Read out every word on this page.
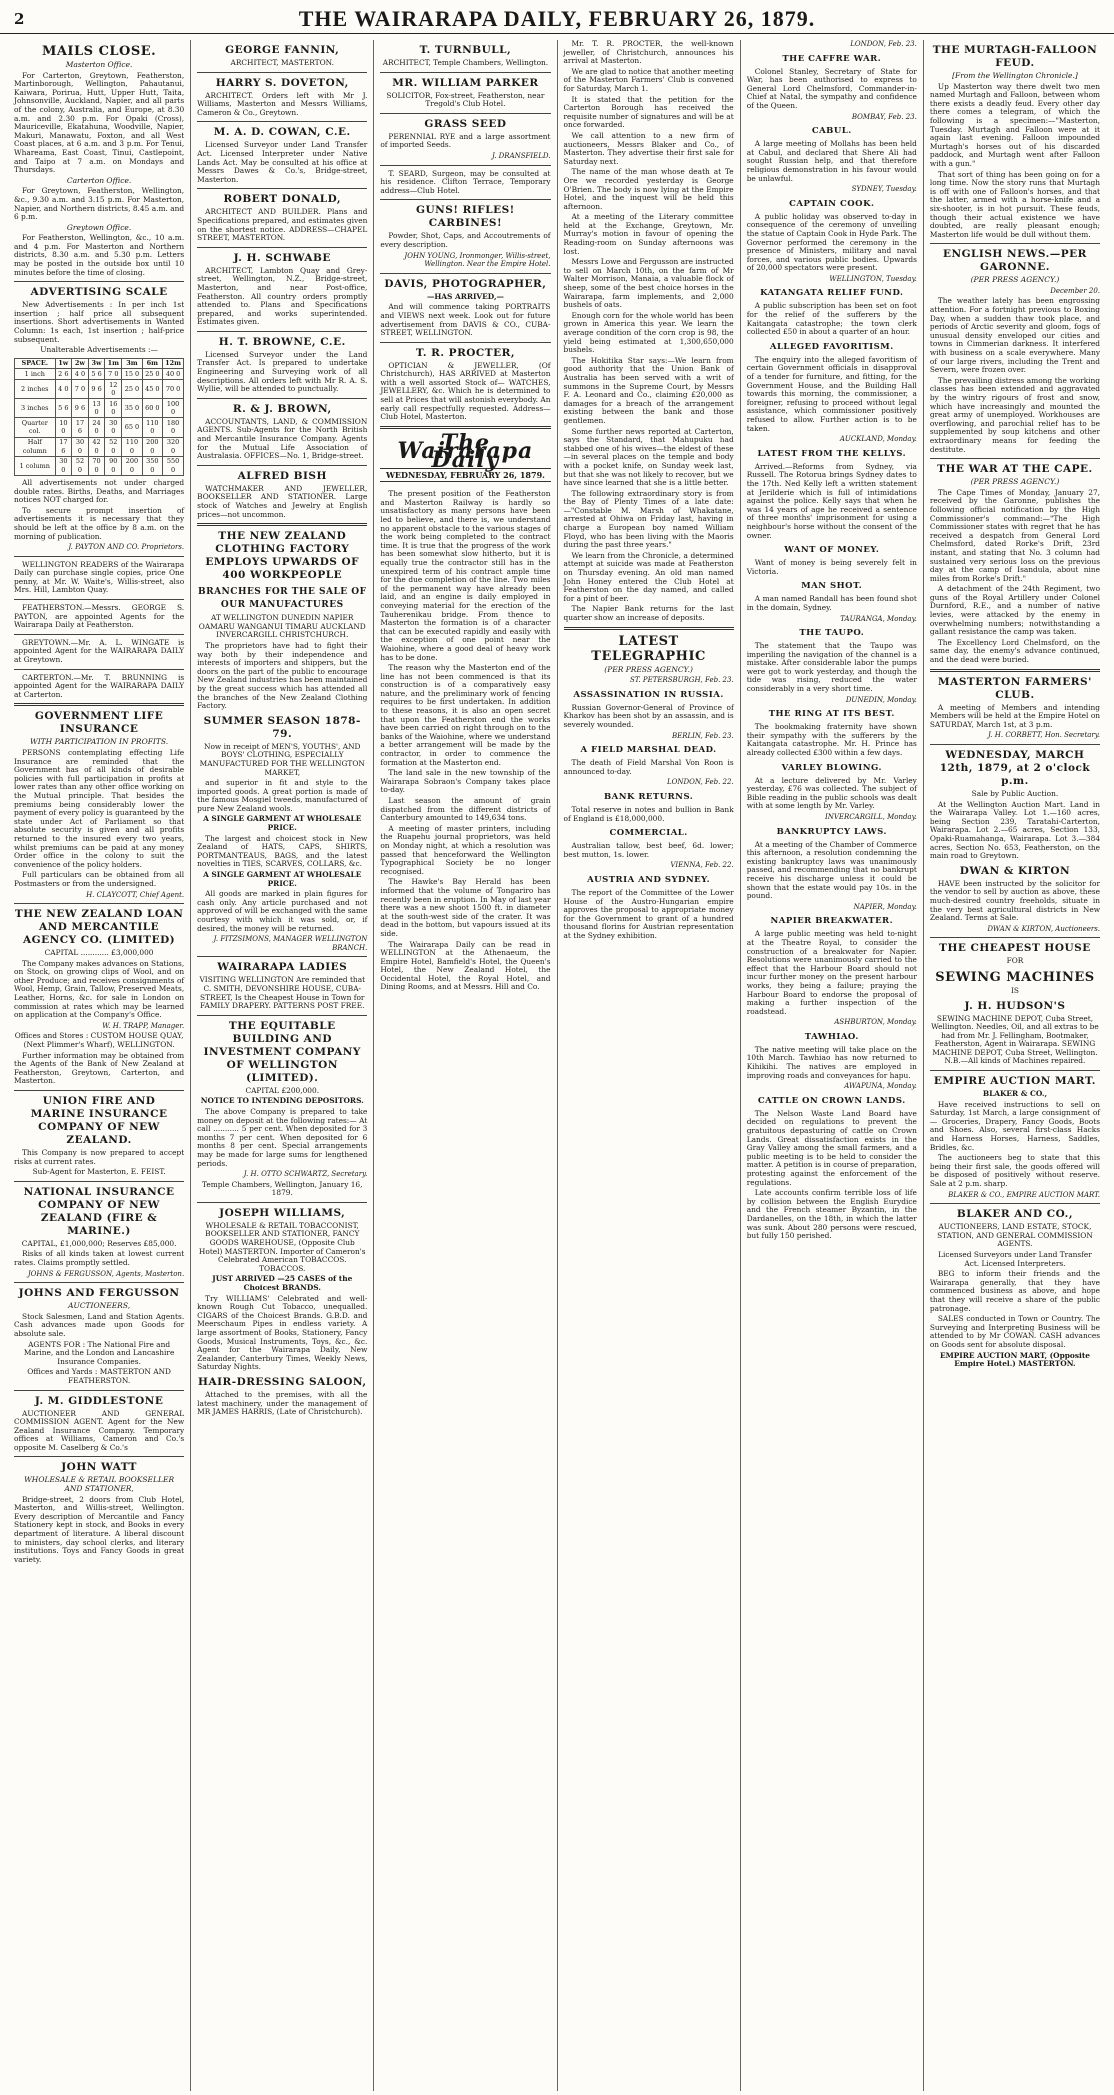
2	THE WAIRARAPA DAILY, FEBRUARY 26, 1879.
MAILS CLOSE.
Masterton Office.

For Carterton, Greytown, Featherston, Martinborough, Wellington, Pahautanui, Kaiwara, Porirua, Hutt, Upper Hutt, Taita, Johnsonville, Auckland, Napier, and all parts of the colony, Australia, and Europe, at 8.30 a.m. and 2.30 p.m. For Opaki (Cross), Mauriceville, Ekatahuna, Woodville, Napier, Makuri, Manawatu, Foxton, and all West Coast places, at 6 a.m. and 3 p.m. For Tenui, Whareama, East Coast, Tinui, Castlepoint, and Taipo at 7 a.m. on Mondays and Thursdays.

Carterton Office.

For Greytown, Featherston, Wellington, &c., 9.30 a.m. and 3.15 p.m. For Masterton, Napier, and Northern districts, 8.45 a.m. and 6 p.m.

Greytown Office.

For Featherston, Wellington, &c., 10 a.m. and 4 p.m. For Masterton and Northern districts, 8.30 a.m. and 5.30 p.m. Letters may be posted in the outside box until 10 minutes before the time of closing.

ADVERTISING SCALE

New Advertisements : In per inch 1st insertion ; half price all subsequent insertions. Short advertisements in Wanted Column: 1s each, 1st insertion ; half-price subsequent.

Unalterable Advertisements :—

SPACE.	1w	2w	3w	1m	3m	6m	12m
1 inch	2 6	4 0	5 6	7 0	15 0	25 0	40 0
2 inches	4 0	7 0	9 6	12 0	25 0	45 0	70 0
3 inches	5 6	9 6	13 0	16 0	35 0	60 0	100 0
Quarter col.	10 0	17 6	24 0	30 0	65 0	110 0	180 0
Half column	17 6	30 0	42 0	52 0	110 0	200 0	320 0
1 column	30 0	52 0	70 0	90 0	200 0	350 0	550 0

All advertisements not under charged double rates. Births, Deaths, and Marriages notices NOT charged for.

To secure prompt insertion of advertisements it is necessary that they should be left at the office by 8 a.m. on the morning of publication.

J. PAYTON AND CO. Proprietors.

WELLINGTON READERS of the Wairarapa Daily can purchase single copies, price One penny, at Mr. W. Waite's, Willis-street, also Mrs. Hill, Lambton Quay.

FEATHERSTON.—Messrs. GEORGE S. PAYTON, are appointed Agents for the Wairarapa Daily at Featherston.

GREYTOWN.—Mr. A. L. WINGATE is appointed Agent for the WAIRARAPA DAILY at Greytown.

CARTERTON.—Mr. T. BRUNNING is appointed Agent for the WAIRARAPA DAILY at Carterton.

GOVERNMENT LIFE INSURANCE
WITH PARTICIPATION IN PROFITS.

PERSONS contemplating effecting Life Insurance are reminded that the Government has of all kinds of desirable policies with full participation in profits at lower rates than any other office working on the Mutual principle. That besides the premiums being considerably lower the payment of every policy is guaranteed by the state under Act of Parliament so that absolute security is given and all profits returned to the insured every two years, whilst premiums can be paid at any money Order office in the colony to suit the convenience of the policy holders.

Full particulars can be obtained from all Postmasters or from the undersigned.

H. CLAYCOTT, Chief Agent.
THE NEW ZEALAND LOAN AND MERCANTILE AGENCY CO. (LIMITED)

CAPITAL ............ £3,000,000

The Company makes advances on Stations, on Stock, on growing clips of Wool, and on other Produce; and receives consignments of Wool, Hemp, Grain, Tallow, Preserved Meats, Leather, Horns, &c. for sale in London on commission at rates which may be learned on application at the Company's Office.

W. H. TRAPP, Manager.

Offices and Stores : CUSTOM HOUSE QUAY, (Next Plimmer's Wharf), WELLINGTON.

Further information may be obtained from the Agents of the Bank of New Zealand at Featherston, Greytown, Carterton, and Masterton.

UNION FIRE AND MARINE INSURANCE COMPANY OF NEW ZEALAND.

This Company is now prepared to accept risks at current rates.

Sub-Agent for Masterton, E. FEIST.

NATIONAL INSURANCE COMPANY OF NEW ZEALAND (FIRE & MARINE.)

CAPITAL, £1,000,000; Reserves £85,000.

Risks of all kinds taken at lowest current rates. Claims promptly settled.

JOHNS & FERGUSSON, Agents, Masterton.
JOHNS AND FERGUSSON
AUCTIONEERS,

Stock Salesmen, Land and Station Agents. Cash advances made upon Goods for absolute sale.

AGENTS FOR : The National Fire and Marine, and the London and Lancashire Insurance Companies.

Offices and Yards : MASTERTON AND FEATHERSTON.

J. M. GIDDLESTONE

AUCTIONEER AND GENERAL COMMISSION AGENT. Agent for the New Zealand Insurance Company. Temporary offices at Williams, Cameron and Co.'s opposite M. Caselberg & Co.'s

JOHN WATT
WHOLESALE & RETAIL BOOKSELLER AND STATIONER,

Bridge-street, 2 doors from Club Hotel, Masterton, and Willis-street, Wellington. Every description of Mercantile and Fancy Stationery kept in stock, and Books in every department of literature. A liberal discount to ministers, day school clerks, and literary institutions. Toys and Fancy Goods in great variety.

GEORGE FANNIN,

ARCHITECT, MASTERTON.

HARRY S. DOVETON,

ARCHITECT. Orders left with Mr J. Williams, Masterton and Messrs Williams, Cameron & Co., Greytown.

M. A. D. COWAN, C.E.

Licensed Surveyor under Land Transfer Act. Licensed Interpreter under Native Lands Act. May be consulted at his office at Messrs Dawes & Co.'s, Bridge-street, Masterton.

ROBERT DONALD,

ARCHITECT AND BUILDER. Plans and Specifications prepared, and estimates given on the shortest notice. ADDRESS—CHAPEL STREET, MASTERTON.

J. H. SCHWABE

ARCHITECT, Lambton Quay and Grey-street, Wellington, N.Z., Bridge-street, Masterton, and near Post-office, Featherston. All country orders promptly attended to. Plans and Specifications prepared, and works superintended. Estimates given.

H. T. BROWNE, C.E.

Licensed Surveyor under the Land Transfer Act. Is prepared to undertake Engineering and Surveying work of all descriptions. All orders left with Mr R. A. S. Wyllie, will be attended to punctually.

R. & J. BROWN,

ACCOUNTANTS, LAND, & COMMISSION AGENTS. Sub-Agents for the North British and Mercantile Insurance Company. Agents for the Mutual Life Association of Australasia. OFFICES—No. 1, Bridge-street.

ALFRED BISH

WATCHMAKER AND JEWELLER, BOOKSELLER AND STATIONER. Large stock of Watches and Jewelry at English prices—not uncommon.

THE NEW ZEALAND CLOTHING FACTORY EMPLOYS UPWARDS OF 400 WORKPEOPLE
BRANCHES FOR THE SALE OF OUR MANUFACTURES

AT WELLINGTON DUNEDIN NAPIER OAMARU WANGANUI TIMARU AUCKLAND INVERCARGILL CHRISTCHURCH.

The proprietors have had to fight their way both by their independence and interests of importers and shippers, but the doors on the part of the public to encourage New Zealand industries has been maintained by the great success which has attended all the branches of the New Zealand Clothing Factory.

SUMMER SEASON 1878-79.

Now in receipt of MEN'S, YOUTHS', AND BOYS' CLOTHING, ESPECIALLY MANUFACTURED FOR THE WELLINGTON MARKET,

and superior in fit and style to the imported goods. A great portion is made of the famous Mosgiel tweeds, manufactured of pure New Zealand wools.

A SINGLE GARMENT AT WHOLESALE PRICE.

The largest and choicest stock in New Zealand of HATS, CAPS, SHIRTS, PORTMANTEAUS, BAGS, and the latest novelties in TIES, SCARVES, COLLARS, &c.

A SINGLE GARMENT AT WHOLESALE PRICE.

All goods are marked in plain figures for cash only. Any article purchased and not approved of will be exchanged with the same courtesy with which it was sold, or, if desired, the money will be returned.

J. FITZSIMONS, MANAGER WELLINGTON BRANCH.
WAIRARAPA LADIES

VISITING WELLINGTON Are reminded that C. SMITH, DEVONSHIRE HOUSE, CUBA-STREET, Is the Cheapest House in Town for FAMILY DRAPERY. PATTERNS POST FREE.

THE EQUITABLE BUILDING AND INVESTMENT COMPANY OF WELLINGTON (LIMITED).

CAPITAL £200,000.

NOTICE TO INTENDING DEPOSITORS.

The above Company is prepared to take money on deposit at the following rates:— At call ........... 5 per cent. When deposited for 3 months 7 per cent. When deposited for 6 months 8 per cent. Special arrangements may be made for large sums for lengthened periods.

J. H. OTTO SCHWARTZ, Secretary.

Temple Chambers, Wellington, January 16, 1879.

JOSEPH WILLIAMS,

WHOLESALE & RETAIL TOBACCONIST, BOOKSELLER AND STATIONER, FANCY GOODS WAREHOUSE, (Opposite Club Hotel) MASTERTON. Importer of Cameron's Celebrated American TOBACCOS. TOBACCOS.

JUST ARRIVED —25 CASES of the Choicest BRANDS.

Try WILLIAMS' Celebrated and well-known Rough Cut Tobacco, unequalled. CIGARS of the Choicest Brands. G.B.D. and Meerschaum Pipes in endless variety. A large assortment of Books, Stationery, Fancy Goods, Musical Instruments, Toys, &c., &c. Agent for the Wairarapa Daily, New Zealander, Canterbury Times, Weekly News, Saturday Nights.

HAIR-DRESSING SALOON,

Attached to the premises, with all the latest machinery, under the management of MR JAMES HARRIS, (Late of Christchurch).

T. TURNBULL,

ARCHITECT, Temple Chambers, Wellington.

MR. WILLIAM PARKER

SOLICITOR, Fox-street, Featherston, near Tregold's Club Hotel.

GRASS SEED

PERENNIAL RYE and a large assortment of imported Seeds.

J. DRANSFIELD.

T. SEARD, Surgeon, may be consulted at his residence. Clifton Terrace, Temporary address—Club Hotel.

GUNS! RIFLES! CARBINES!

Powder, Shot, Caps, and Accoutrements of every description.

JOHN YOUNG, Ironmonger, Willis-street, Wellington. Near the Empire Hotel.
DAVIS, PHOTOGRAPHER,

—HAS ARRIVED,—

And will commence taking PORTRAITS and VIEWS next week. Look out for future advertisement from DAVIS & CO., CUBA-STREET, WELLINGTON.

T. R. PROCTER,

OPTICIAN & JEWELLER, (Of Christchurch), HAS ARRIVED at Masterton with a well assorted Stock of— WATCHES, JEWELLERY, &c. Which he is determined to sell at Prices that will astonish everybody. An early call respectfully requested. Address—Club Hotel, Masterton.

The Wairarapa Daily
WEDNESDAY, FEBRUARY 26, 1879.

The present position of the Featherston and Masterton Railway is hardly so unsatisfactory as many persons have been led to believe, and there is, we understand no apparent obstacle to the various stages of the work being completed to the contract time. It is true that the progress of the work has been somewhat slow hitherto, but it is equally true the contractor still has in the unexpired term of his contract ample time for the due completion of the line. Two miles of the permanent way have already been laid, and an engine is daily employed in conveying material for the erection of the Tauherenikau bridge. From thence to Masterton the formation is of a character that can be executed rapidly and easily with the exception of one point near the Waiohine, where a good deal of heavy work has to be done.

The reason why the Masterton end of the line has not been commenced is that its construction is of a comparatively easy nature, and the preliminary work of fencing requires to be first undertaken. In addition to these reasons, it is also an open secret that upon the Featherston end the works have been carried on right through on to the banks of the Waiohine, where we understand a better arrangement will be made by the contractor, in order to commence the formation at the Masterton end.

The land sale in the new township of the Wairarapa Sobraon's Company takes place to-day.

Last season the amount of grain dispatched from the different districts of Canterbury amounted to 149,634 tons.

A meeting of master printers, including the Ruapehu journal proprietors, was held on Monday night, at which a resolution was passed that henceforward the Wellington Typographical Society be no longer recognised.

The Hawke's Bay Herald has been informed that the volume of Tongariro has recently been in eruption. In May of last year there was a new shoot 1500 ft. in diameter at the south-west side of the crater. It was dead in the bottom, but vapours issued at its side.

The Wairarapa Daily can be read in WELLINGTON at the Athenaeum, the Empire Hotel, Bamfield's Hotel, the Queen's Hotel, the New Zealand Hotel, the Occidental Hotel, the Royal Hotel, and Dining Rooms, and at Messrs. Hill and Co.

Mr. T. R. PROCTER, the well-known jeweller, of Christchurch, announces his arrival at Masterton.

We are glad to notice that another meeting of the Masterton Farmers' Club is convened for Saturday, March 1.

It is stated that the petition for the Carterton Borough has received the requisite number of signatures and will be at once forwarded.

We call attention to a new firm of auctioneers, Messrs Blaker and Co., of Masterton. They advertise their first sale for Saturday next.

The name of the man whose death at Te Ore we recorded yesterday is George O'Brien. The body is now lying at the Empire Hotel, and the inquest will be held this afternoon.

At a meeting of the Literary committee held at the Exchange, Greytown, Mr. Murray's motion in favour of opening the Reading-room on Sunday afternoons was lost.

Messrs Lowe and Fergusson are instructed to sell on March 10th, on the farm of Mr Walter Morrison, Manaia, a valuable flock of sheep, some of the best choice horses in the Wairarapa, farm implements, and 2,000 bushels of oats.

Enough corn for the whole world has been grown in America this year. We learn the average condition of the corn crop is 98, the yield being estimated at 1,300,650,000 bushels.

The Hokitika Star says:—We learn from good authority that the Union Bank of Australia has been served with a writ of summons in the Supreme Court, by Messrs F. A. Leonard and Co., claiming £20,000 as damages for a breach of the arrangement existing between the bank and those gentlemen.

Some further news reported at Carterton, says the Standard, that Mahupuku had stabbed one of his wives—the eldest of these—in several places on the temple and body with a pocket knife, on Sunday week last, but that she was not likely to recover, but we have since learned that she is a little better.

The following extraordinary story is from the Bay of Plenty Times of a late date:—"Constable M. Marsh of Whakatane, arrested at Ohiwa on Friday last, having in charge a European boy named William Floyd, who has been living with the Maoris during the past three years."

We learn from the Chronicle, a determined attempt at suicide was made at Featherston on Thursday evening. An old man named John Honey entered the Club Hotel at Featherston on the day named, and called for a pint of beer.

The Napier Bank returns for the last quarter show an increase of deposits.

LATEST TELEGRAPHIC
(PER PRESS AGENCY.)
ST. PETERSBURGH, Feb. 23.
ASSASSINATION IN RUSSIA.

Russian Governor-General of Province of Kharkov has been shot by an assassin, and is severely wounded.

BERLIN, Feb. 23.
A FIELD MARSHAL DEAD.

The death of Field Marshal Von Roon is announced to-day.

LONDON, Feb. 22.
BANK RETURNS.

Total reserve in notes and bullion in Bank of England is £18,000,000.

COMMERCIAL.

Australian tallow, best beef, 6d. lower; best mutton, 1s. lower.

VIENNA, Feb. 22.
AUSTRIA AND SYDNEY.

The report of the Committee of the Lower House of the Austro-Hungarian empire approves the proposal to appropriate money for the Government to grant of a hundred thousand florins for Austrian representation at the Sydney exhibition.

LONDON, Feb. 23.
THE CAFFRE WAR.

Colonel Stanley, Secretary of State for War, has been authorised to express to General Lord Chelmsford, Commander-in-Chief at Natal, the sympathy and confidence of the Queen.

BOMBAY, Feb. 23.
CABUL.

A large meeting of Mollahs has been held at Cabul, and declared that Shere Ali had sought Russian help, and that therefore religious demonstration in his favour would be unlawful.

SYDNEY, Tuesday.
CAPTAIN COOK.

A public holiday was observed to-day in consequence of the ceremony of unveiling the statue of Captain Cook in Hyde Park. The Governor performed the ceremony in the presence of Ministers, military and naval forces, and various public bodies. Upwards of 20,000 spectators were present.

WELLINGTON, Tuesday.
KATANGATA RELIEF FUND.

A public subscription has been set on foot for the relief of the sufferers by the Kaitangata catastrophe; the town clerk collected £50 in about a quarter of an hour.

ALLEGED FAVORITISM.

The enquiry into the alleged favoritism of certain Government officials in disapproval of a tender for furniture, and fitting, for the Government House, and the Building Hall towards this morning, the commissioner, a foreigner, refusing to proceed without legal assistance, which commissioner positively refused to allow. Further action is to be taken.

AUCKLAND, Monday.
LATEST FROM THE KELLYS.

Arrived.—Reforms from Sydney, via Russell. The Rotorua brings Sydney dates to the 17th. Ned Kelly left a written statement at Jerilderie which is full of intimidations against the police. Kelly says that when he was 14 years of age he received a sentence of three months' imprisonment for using a neighbour's horse without the consent of the owner.

WANT OF MONEY.

Want of money is being severely felt in Victoria.

MAN SHOT.

A man named Randall has been found shot in the domain, Sydney.

TAURANGA, Monday.
THE TAUPO.

The statement that the Taupo was imperiling the navigation of the channel is a mistake. After considerable labor the pumps were got to work yesterday, and though the tide was rising, reduced the water considerably in a very short time.

DUNEDIN, Monday.
THE RING AT ITS BEST.

The bookmaking fraternity have shown their sympathy with the sufferers by the Kaitangata catastrophe. Mr. H. Prince has already collected £300 within a few days.

VARLEY BLOWING.

At a lecture delivered by Mr. Varley yesterday, £76 was collected. The subject of Bible reading in the public schools was dealt with at some length by Mr. Varley.

INVERCARGILL, Monday.
BANKRUPTCY LAWS.

At a meeting of the Chamber of Commerce this afternoon, a resolution condemning the existing bankruptcy laws was unanimously passed, and recommending that no bankrupt receive his discharge unless it could be shown that the estate would pay 10s. in the pound.

NAPIER, Monday.
NAPIER BREAKWATER.

A large public meeting was held to-night at the Theatre Royal, to consider the construction of a breakwater for Napier. Resolutions were unanimously carried to the effect that the Harbour Board should not incur further money on the present harbour works, they being a failure; praying the Harbour Board to endorse the proposal of making a further inspection of the roadstead.

ASHBURTON, Monday.
TAWHIAO.

The native meeting will take place on the 10th March. Tawhiao has now returned to Kihikihi. The natives are employed in improving roads and conveyances for hapu.

AWAPUNA, Monday.
CATTLE ON CROWN LANDS.

The Nelson Waste Land Board have decided on regulations to prevent the gratuitous depasturing of cattle on Crown Lands. Great dissatisfaction exists in the Gray Valley among the small farmers, and a public meeting is to be held to consider the matter. A petition is in course of preparation, protesting against the enforcement of the regulations.

Late accounts confirm terrible loss of life by collision between the English Eurydice and the French steamer Byzantin, in the Dardanelles, on the 18th, in which the latter was sunk. About 280 persons were rescued, but fully 150 perished.

THE MURTAGH-FALLOON FEUD.
[From the Wellington Chronicle.]

Up Masterton way there dwelt two men named Murtagh and Falloon, between whom there exists a deadly feud. Every other day there comes a telegram, of which the following is a specimen:—"Masterton, Tuesday. Murtagh and Falloon were at it again last evening. Falloon impounded Murtagh's horses out of his discarded paddock, and Murtagh went after Falloon with a gun."

That sort of thing has been going on for a long time. Now the story runs that Murtagh is off with one of Falloon's horses, and that the latter, armed with a horse-knife and a six-shooter, is in hot pursuit. These feuds, though their actual existence we have doubted, are really pleasant enough; Masterton life would be dull without them.

ENGLISH NEWS.—PER GARONNE.
(PER PRESS AGENCY.)
December 20.

The weather lately has been engrossing attention. For a fortnight previous to Boxing Day, when a sudden thaw took place, and periods of Arctic severity and gloom, fogs of unusual density enveloped our cities and towns in Cimmerian darkness. It interfered with business on a scale everywhere. Many of our large rivers, including the Trent and Severn, were frozen over.

The prevailing distress among the working classes has been extended and aggravated by the wintry rigours of frost and snow, which have increasingly and mounted the great army of unemployed. Workhouses are overflowing, and parochial relief has to be supplemented by soup kitchens and other extraordinary means for feeding the destitute.

THE WAR AT THE CAPE.
(PER PRESS AGENCY.)

The Cape Times of Monday, January 27, received by the Garonne, publishes the following official notification by the High Commissioner's command:—"The High Commissioner states with regret that he has received a despatch from General Lord Chelmsford, dated Rorke's Drift, 23rd instant, and stating that No. 3 column had sustained very serious loss on the previous day at the camp of Isandula, about nine miles from Rorke's Drift."

A detachment of the 24th Regiment, two guns of the Royal Artillery under Colonel Durnford, R.E., and a number of native levies, were attacked by the enemy in overwhelming numbers; notwithstanding a gallant resistance the camp was taken.

The Excellency Lord Chelmsford, on the same day, the enemy's advance continued, and the dead were buried.

MASTERTON FARMERS' CLUB.

A meeting of Members and intending Members will be held at the Empire Hotel on SATURDAY, March 1st, at 3 p.m.

J. H. CORBETT, Hon. Secretary.
WEDNESDAY, MARCH 12th, 1879, at 2 o'clock p.m.

Sale by Public Auction.

At the Wellington Auction Mart. Land in the Wairarapa Valley. Lot 1.—160 acres, being Section 239, Taratahi-Carterton, Wairarapa. Lot 2.—65 acres, Section 133, Opaki-Ruamahanga, Wairarapa. Lot 3.—384 acres, Section No. 653, Featherston, on the main road to Greytown.

DWAN & KIRTON

HAVE been instructed by the solicitor for the vendor to sell by auction as above, these much-desired country freeholds, situate in the very best agricultural districts in New Zealand. Terms at Sale.

DWAN & KIRTON, Auctioneers.
THE CHEAPEST HOUSE

FOR

SEWING MACHINES

IS

J. H. HUDSON'S

SEWING MACHINE DEPOT, Cuba Street, Wellington. Needles, Oil, and all extras to be had from Mr. J. Fellingham, Bootmaker, Featherston, Agent in Wairarapa. SEWING MACHINE DEPOT, Cuba Street, Wellington. N.B.—All kinds of Machines repaired.

EMPIRE AUCTION MART.

BLAKER & CO.,

Have received instructions to sell on Saturday, 1st March, a large consignment of— Groceries, Drapery, Fancy Goods, Boots and Shoes. Also, several first-class Hacks and Harness Horses, Harness, Saddles, Bridles, &c.

The auctioneers beg to state that this being their first sale, the goods offered will be disposed of positively without reserve. Sale at 2 p.m. sharp.

BLAKER & CO., EMPIRE AUCTION MART.
BLAKER AND CO.,

AUCTIONEERS, LAND ESTATE, STOCK, STATION, AND GENERAL COMMISSION AGENTS.

Licensed Surveyors under Land Transfer Act. Licensed Interpreters.

BEG to inform their friends and the Wairarapa generally, that they have commenced business as above, and hope that they will receive a share of the public patronage.

SALES conducted in Town or Country. The Surveying and Interpreting Business will be attended to by Mr COWAN. CASH advances on Goods sent for absolute disposal.

EMPIRE AUCTION MART, (Opposite Empire Hotel.) MASTERTON.
